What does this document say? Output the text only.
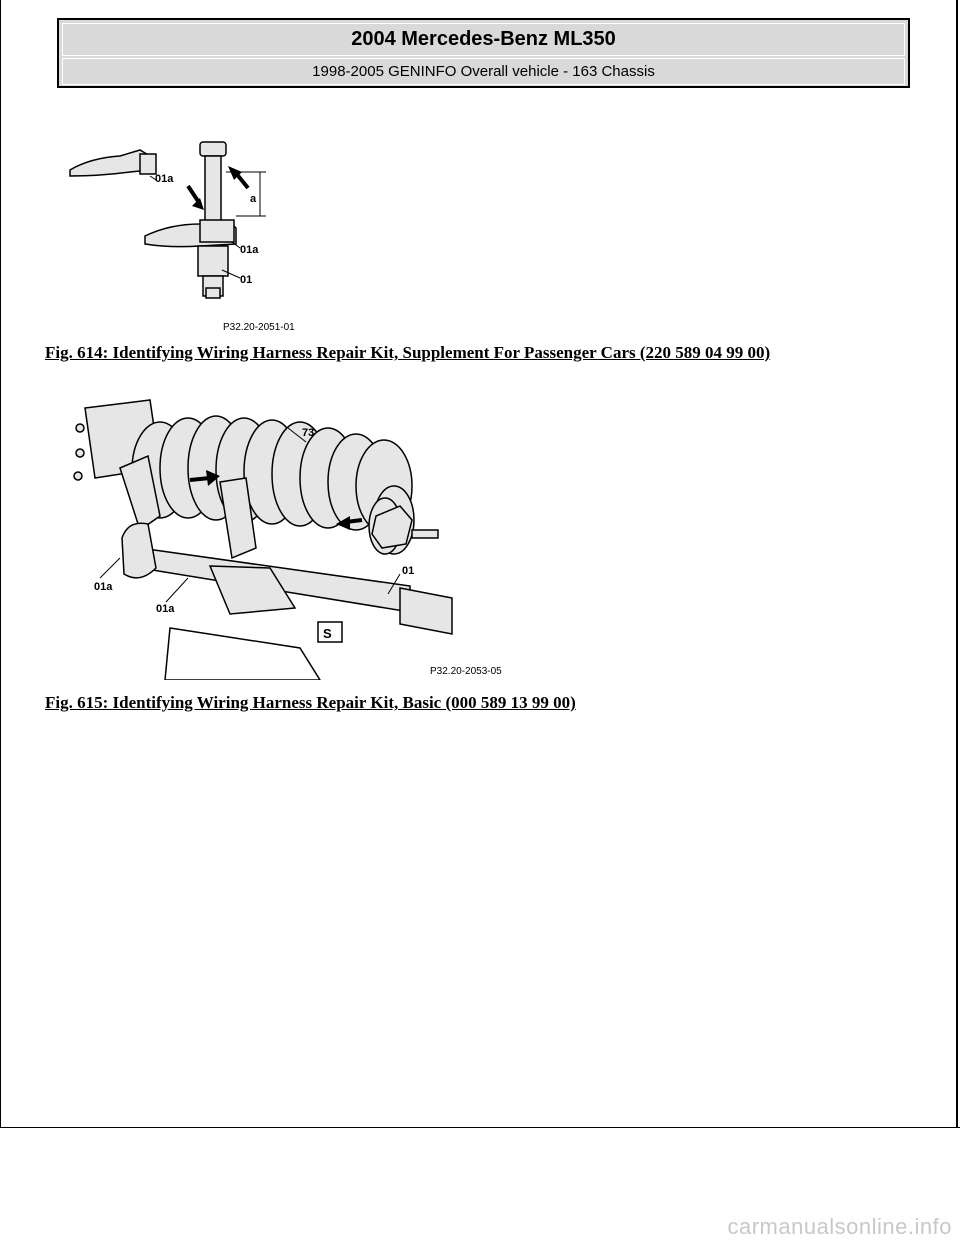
2004 Mercedes-Benz ML350
1998-2005 GENINFO Overall vehicle - 163 Chassis
01a
a
01a
01
P32.20-2051-01
Fig. 614: Identifying Wiring Harness Repair Kit, Supplement For Passenger Cars (220 589 04 99 00)
S
73
01a
01a
01
P32.20-2053-05
Fig. 615: Identifying Wiring Harness Repair Kit, Basic (000 589 13 99 00)
carmanualsonline.info
